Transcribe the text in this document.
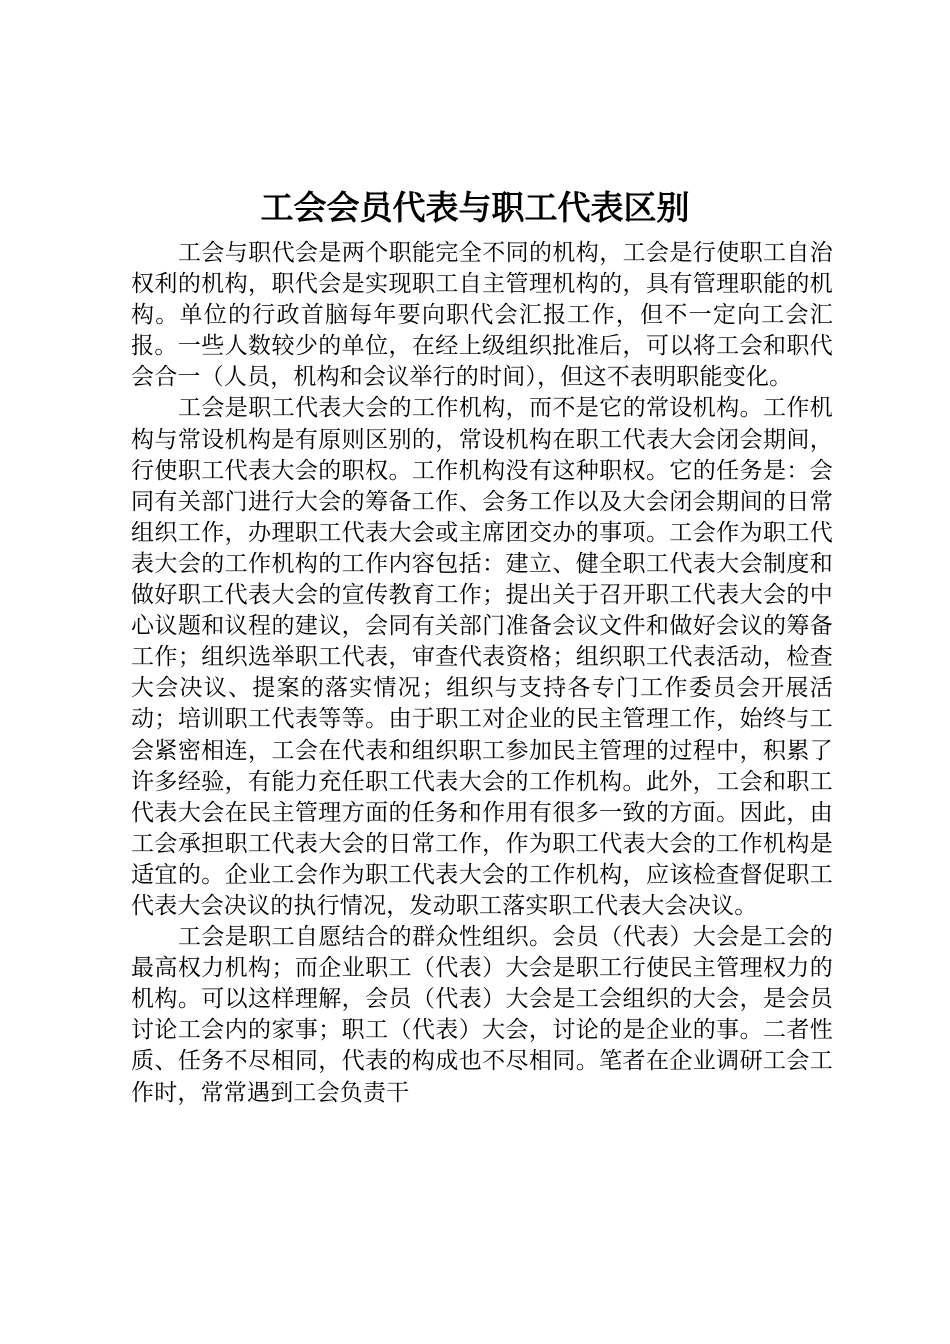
工会会员代表与职工代表区别

工会与职代会是两个职能完全不同的机构，工会是行使职工自治权利的机构，职代会是实现职工自主管理机构的，具有管理职能的机构。单位的行政首脑每年要向职代会汇报工作，但不一定向工会汇报。一些人数较少的单位，在经上级组织批准后，可以将工会和职代会合一（人员，机构和会议举行的时间），但这不表明职能变化。

工会是职工代表大会的工作机构，而不是它的常设机构。工作机构与常设机构是有原则区别的，常设机构在职工代表大会闭会期间，行使职工代表大会的职权。工作机构没有这种职权。它的任务是：会同有关部门进行大会的筹备工作、会务工作以及大会闭会期间的日常组织工作，办理职工代表大会或主席团交办的事项。工会作为职工代表大会的工作机构的工作内容包括：建立、健全职工代表大会制度和做好职工代表大会的宣传教育工作；提出关于召开职工代表大会的中心议题和议程的建议，会同有关部门准备会议文件和做好会议的筹备工作；组织选举职工代表，审查代表资格；组织职工代表活动，检查大会决议、提案的落实情况；组织与支持各专门工作委员会开展活动；培训职工代表等等。由于职工对企业的民主管理工作，始终与工会紧密相连，工会在代表和组织职工参加民主管理的过程中，积累了许多经验，有能力充任职工代表大会的工作机构。此外，工会和职工代表大会在民主管理方面的任务和作用有很多一致的方面。因此，由工会承担职工代表大会的日常工作，作为职工代表大会的工作机构是适宜的。企业工会作为职工代表大会的工作机构，应该检查督促职工代表大会决议的执行情况，发动职工落实职工代表大会决议。

工会是职工自愿结合的群众性组织。会员（代表）大会是工会的最高权力机构；而企业职工（代表）大会是职工行使民主管理权力的机构。可以这样理解，会员（代表）大会是工会组织的大会，是会员讨论工会内的家事；职工（代表）大会，讨论的是企业的事。二者性质、任务不尽相同，代表的构成也不尽相同。笔者在企业调研工会工作时，常常遇到工会负责干
